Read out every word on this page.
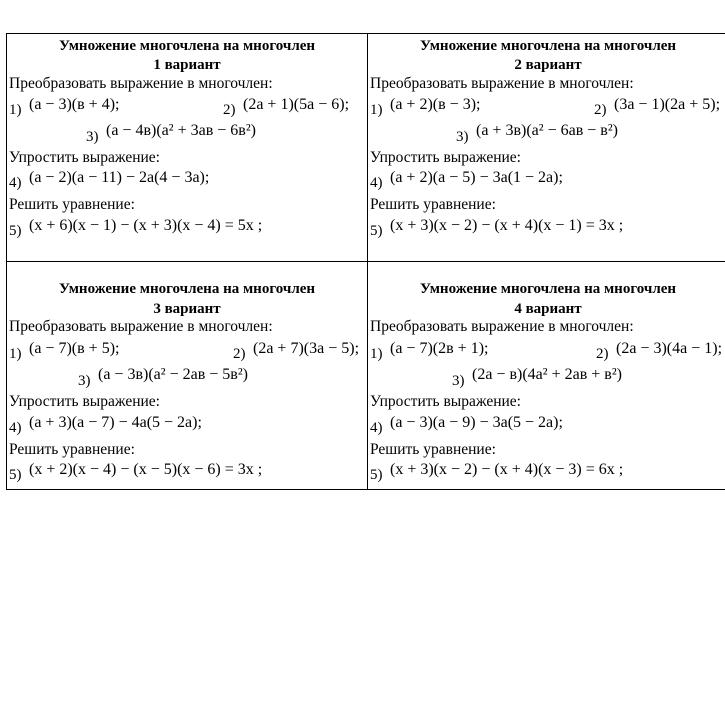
Умножение многочлена на многочлен
1 вариант
Преобразовать выражение в многочлен:
1) (a − 3)(в + 4);	2) (2a + 1)(5a − 6);
3) (a − 4в)(a² + 3aв − 6в²)
Упростить выражение:
4) (a − 2)(a − 11) − 2a(4 − 3a);
Решить уравнение:
5) (x + 6)(x − 1) − (x + 3)(x − 4) = 5x ;
Умножение многочлена на многочлен
2 вариант
Преобразовать выражение в многочлен:
1) (a + 2)(в − 3);	2) (3a − 1)(2a + 5);
3) (a + 3в)(a² − 6aв − в²)
Упростить выражение:
4) (a + 2)(a − 5) − 3a(1 − 2a);
Решить уравнение:
5) (x + 3)(x − 2) − (x + 4)(x − 1) = 3x ;
Умножение многочлена на многочлен
3 вариант
Преобразовать выражение в многочлен:
1) (a − 7)(в + 5);	2) (2a + 7)(3a − 5);
3) (a − 3в)(a² − 2aв − 5в²)
Упростить выражение:
4) (a + 3)(a − 7) − 4a(5 − 2a);
Решить уравнение:
5) (x + 2)(x − 4) − (x − 5)(x − 6) = 3x ;
Умножение многочлена на многочлен
4 вариант
Преобразовать выражение в многочлен:
1) (a − 7)(2в + 1);	2) (2a − 3)(4a − 1);
3) (2a − в)(4a² + 2aв + в²)
Упростить выражение:
4) (a − 3)(a − 9) − 3a(5 − 2a);
Решить уравнение:
5) (x + 3)(x − 2) − (x + 4)(x − 3) = 6x ;
